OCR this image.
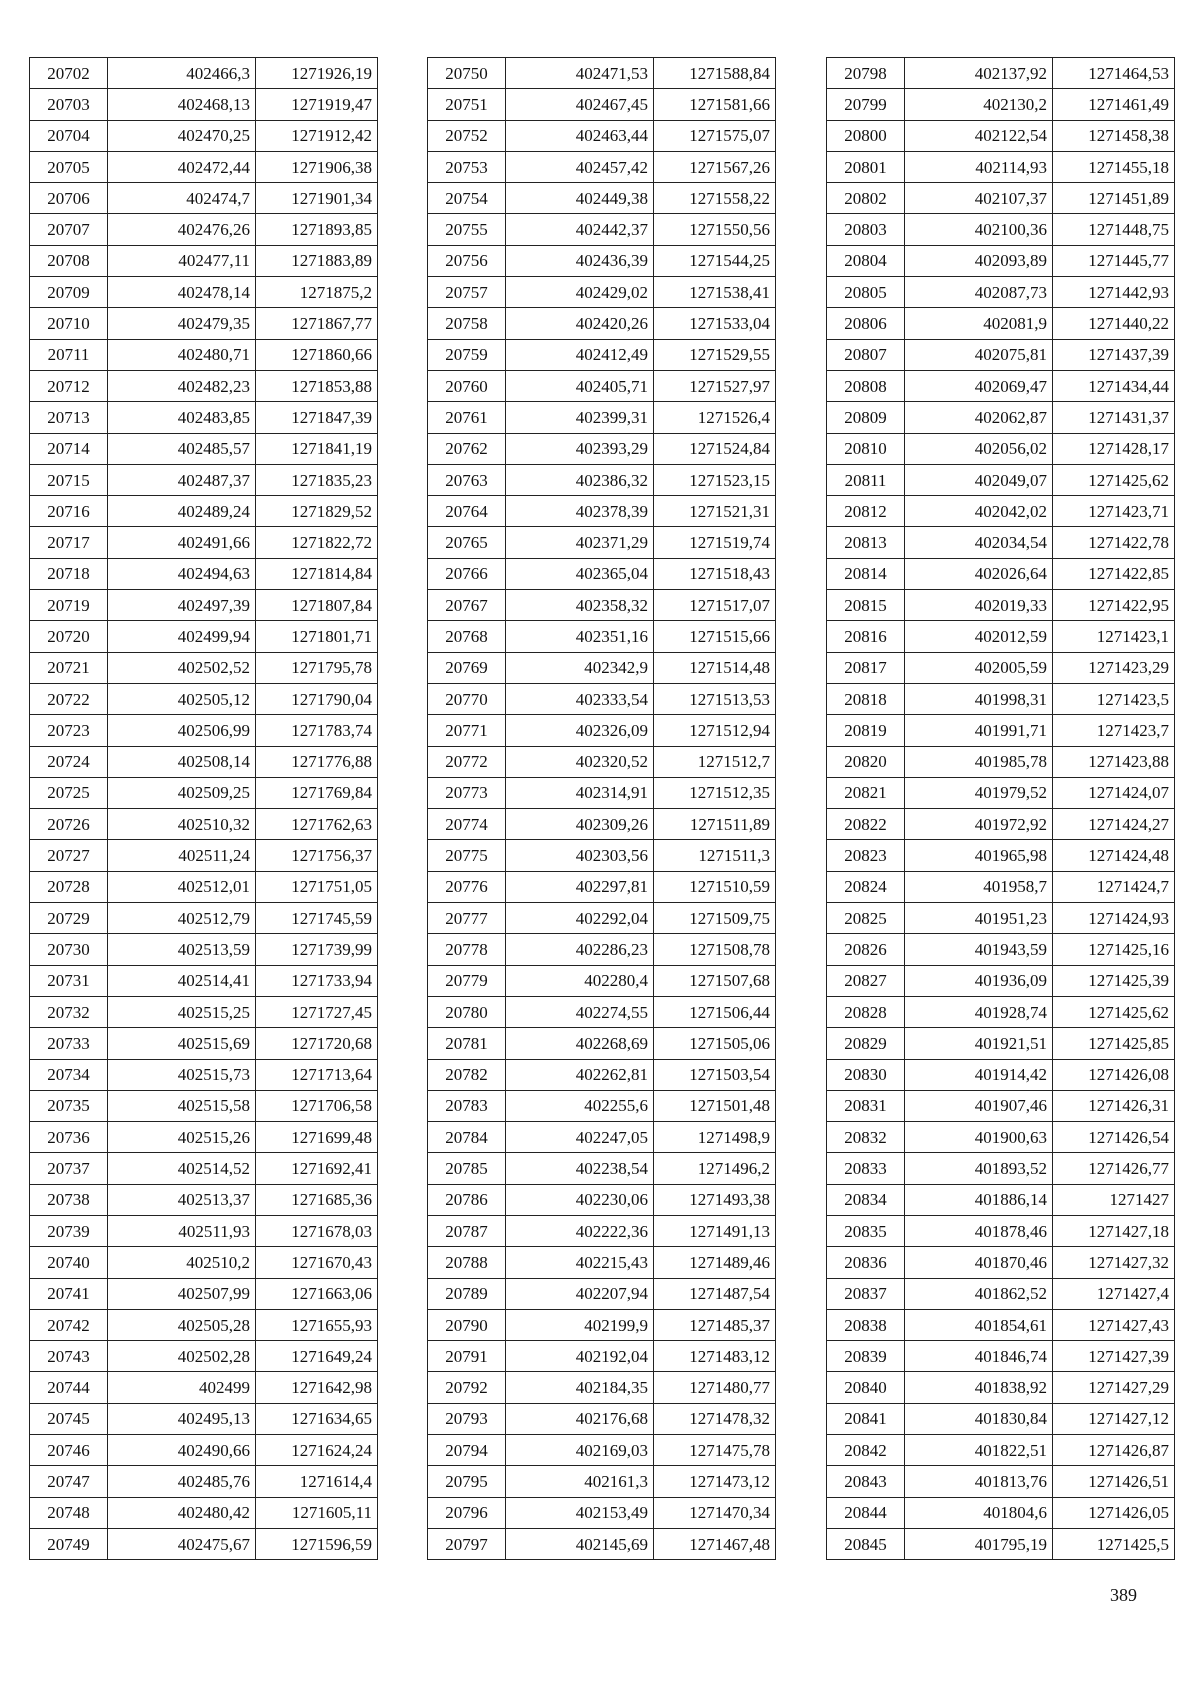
20702	402466,3	1271926,19
20703	402468,13	1271919,47
20704	402470,25	1271912,42
20705	402472,44	1271906,38
20706	402474,7	1271901,34
20707	402476,26	1271893,85
20708	402477,11	1271883,89
20709	402478,14	1271875,2
20710	402479,35	1271867,77
20711	402480,71	1271860,66
20712	402482,23	1271853,88
20713	402483,85	1271847,39
20714	402485,57	1271841,19
20715	402487,37	1271835,23
20716	402489,24	1271829,52
20717	402491,66	1271822,72
20718	402494,63	1271814,84
20719	402497,39	1271807,84
20720	402499,94	1271801,71
20721	402502,52	1271795,78
20722	402505,12	1271790,04
20723	402506,99	1271783,74
20724	402508,14	1271776,88
20725	402509,25	1271769,84
20726	402510,32	1271762,63
20727	402511,24	1271756,37
20728	402512,01	1271751,05
20729	402512,79	1271745,59
20730	402513,59	1271739,99
20731	402514,41	1271733,94
20732	402515,25	1271727,45
20733	402515,69	1271720,68
20734	402515,73	1271713,64
20735	402515,58	1271706,58
20736	402515,26	1271699,48
20737	402514,52	1271692,41
20738	402513,37	1271685,36
20739	402511,93	1271678,03
20740	402510,2	1271670,43
20741	402507,99	1271663,06
20742	402505,28	1271655,93
20743	402502,28	1271649,24
20744	402499	1271642,98
20745	402495,13	1271634,65
20746	402490,66	1271624,24
20747	402485,76	1271614,4
20748	402480,42	1271605,11
20749	402475,67	1271596,59
20750	402471,53	1271588,84
20751	402467,45	1271581,66
20752	402463,44	1271575,07
20753	402457,42	1271567,26
20754	402449,38	1271558,22
20755	402442,37	1271550,56
20756	402436,39	1271544,25
20757	402429,02	1271538,41
20758	402420,26	1271533,04
20759	402412,49	1271529,55
20760	402405,71	1271527,97
20761	402399,31	1271526,4
20762	402393,29	1271524,84
20763	402386,32	1271523,15
20764	402378,39	1271521,31
20765	402371,29	1271519,74
20766	402365,04	1271518,43
20767	402358,32	1271517,07
20768	402351,16	1271515,66
20769	402342,9	1271514,48
20770	402333,54	1271513,53
20771	402326,09	1271512,94
20772	402320,52	1271512,7
20773	402314,91	1271512,35
20774	402309,26	1271511,89
20775	402303,56	1271511,3
20776	402297,81	1271510,59
20777	402292,04	1271509,75
20778	402286,23	1271508,78
20779	402280,4	1271507,68
20780	402274,55	1271506,44
20781	402268,69	1271505,06
20782	402262,81	1271503,54
20783	402255,6	1271501,48
20784	402247,05	1271498,9
20785	402238,54	1271496,2
20786	402230,06	1271493,38
20787	402222,36	1271491,13
20788	402215,43	1271489,46
20789	402207,94	1271487,54
20790	402199,9	1271485,37
20791	402192,04	1271483,12
20792	402184,35	1271480,77
20793	402176,68	1271478,32
20794	402169,03	1271475,78
20795	402161,3	1271473,12
20796	402153,49	1271470,34
20797	402145,69	1271467,48
20798	402137,92	1271464,53
20799	402130,2	1271461,49
20800	402122,54	1271458,38
20801	402114,93	1271455,18
20802	402107,37	1271451,89
20803	402100,36	1271448,75
20804	402093,89	1271445,77
20805	402087,73	1271442,93
20806	402081,9	1271440,22
20807	402075,81	1271437,39
20808	402069,47	1271434,44
20809	402062,87	1271431,37
20810	402056,02	1271428,17
20811	402049,07	1271425,62
20812	402042,02	1271423,71
20813	402034,54	1271422,78
20814	402026,64	1271422,85
20815	402019,33	1271422,95
20816	402012,59	1271423,1
20817	402005,59	1271423,29
20818	401998,31	1271423,5
20819	401991,71	1271423,7
20820	401985,78	1271423,88
20821	401979,52	1271424,07
20822	401972,92	1271424,27
20823	401965,98	1271424,48
20824	401958,7	1271424,7
20825	401951,23	1271424,93
20826	401943,59	1271425,16
20827	401936,09	1271425,39
20828	401928,74	1271425,62
20829	401921,51	1271425,85
20830	401914,42	1271426,08
20831	401907,46	1271426,31
20832	401900,63	1271426,54
20833	401893,52	1271426,77
20834	401886,14	1271427
20835	401878,46	1271427,18
20836	401870,46	1271427,32
20837	401862,52	1271427,4
20838	401854,61	1271427,43
20839	401846,74	1271427,39
20840	401838,92	1271427,29
20841	401830,84	1271427,12
20842	401822,51	1271426,87
20843	401813,76	1271426,51
20844	401804,6	1271426,05
20845	401795,19	1271425,5
389
